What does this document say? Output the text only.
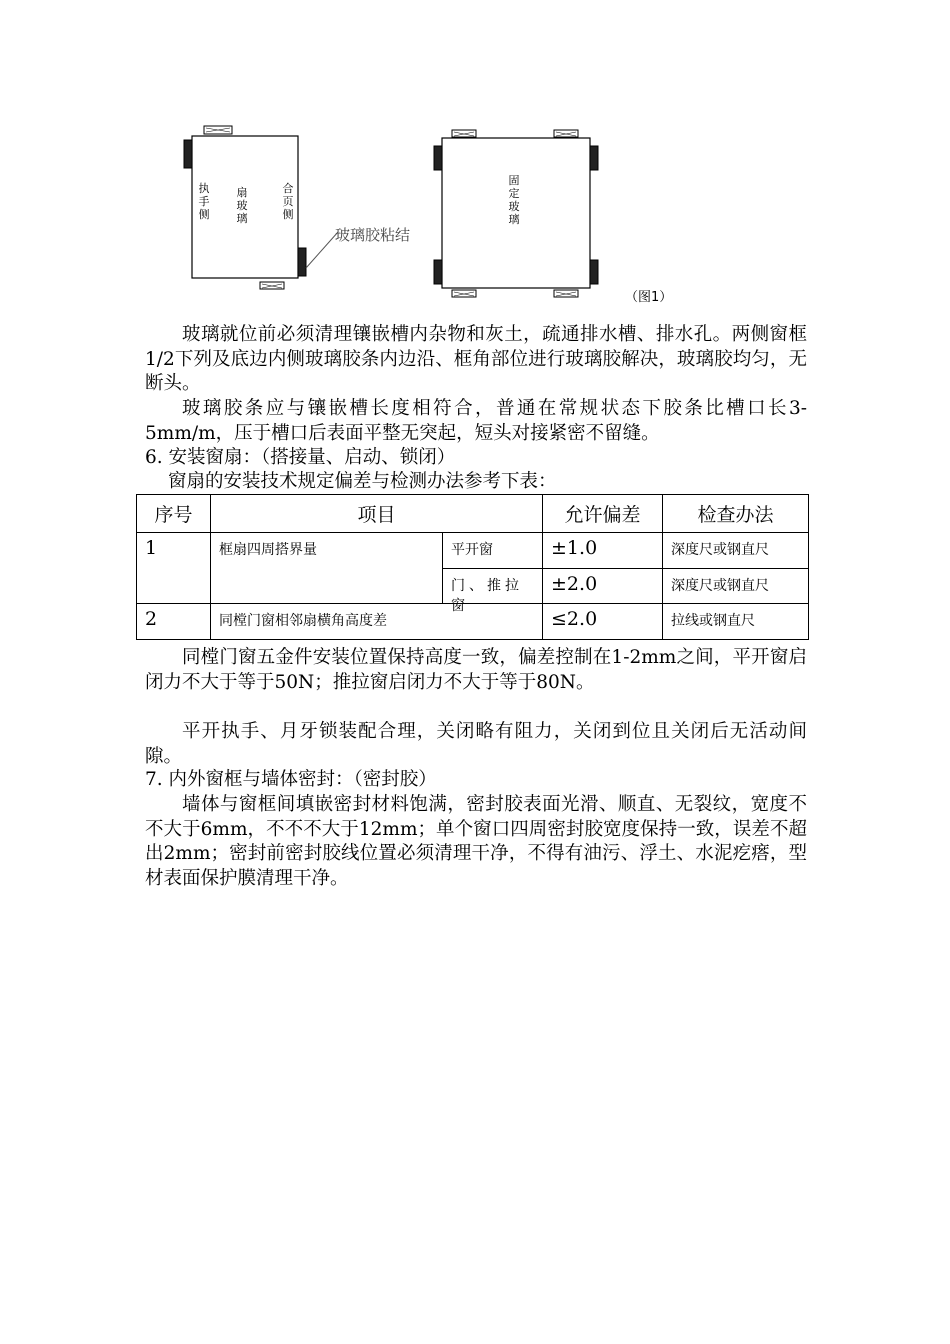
执手侧
扇玻璃
合页侧
固定玻璃
玻璃胶粘结
（图1）
玻璃就位前必须清理镶嵌槽内杂物和灰土，疏通排水槽、排水孔。两侧窗框1/2下列及底边内侧玻璃胶条内边沿、框角部位进行玻璃胶解决，玻璃胶均匀，无断头。
玻璃胶条应与镶嵌槽长度相符合，普通在常规状态下胶条比槽口长3-5mm/m，压于槽口后表面平整无突起，短头对接紧密不留缝。
6. 安装窗扇：（搭接量、启动、锁闭）
窗扇的安装技术规定偏差与检测办法参考下表：
序号	项目		允许偏差	检查办法
1	框扇四周搭界量	平开窗	±1.0	深度尺或钢直尺

		门、推拉窗	±2.0	深度尺或钢直尺
2	同樘门窗相邻扇横角高度差		≤2.0	拉线或钢直尺
同樘门窗五金件安装位置保持高度一致，偏差控制在1-2mm之间，平开窗启闭力不大于等于50N；推拉窗启闭力不大于等于80N。
平开执手、月牙锁装配合理，关闭略有阻力，关闭到位且关闭后无活动间隙。
7. 内外窗框与墙体密封：（密封胶）
墙体与窗框间填嵌密封材料饱满，密封胶表面光滑、顺直、无裂纹，宽度不不大于6mm，不不不大于12mm；单个窗口四周密封胶宽度保持一致，误差不超出2mm；密封前密封胶线位置必须清理干净，不得有油污、浮土、水泥疙瘩，型材表面保护膜清理干净。
